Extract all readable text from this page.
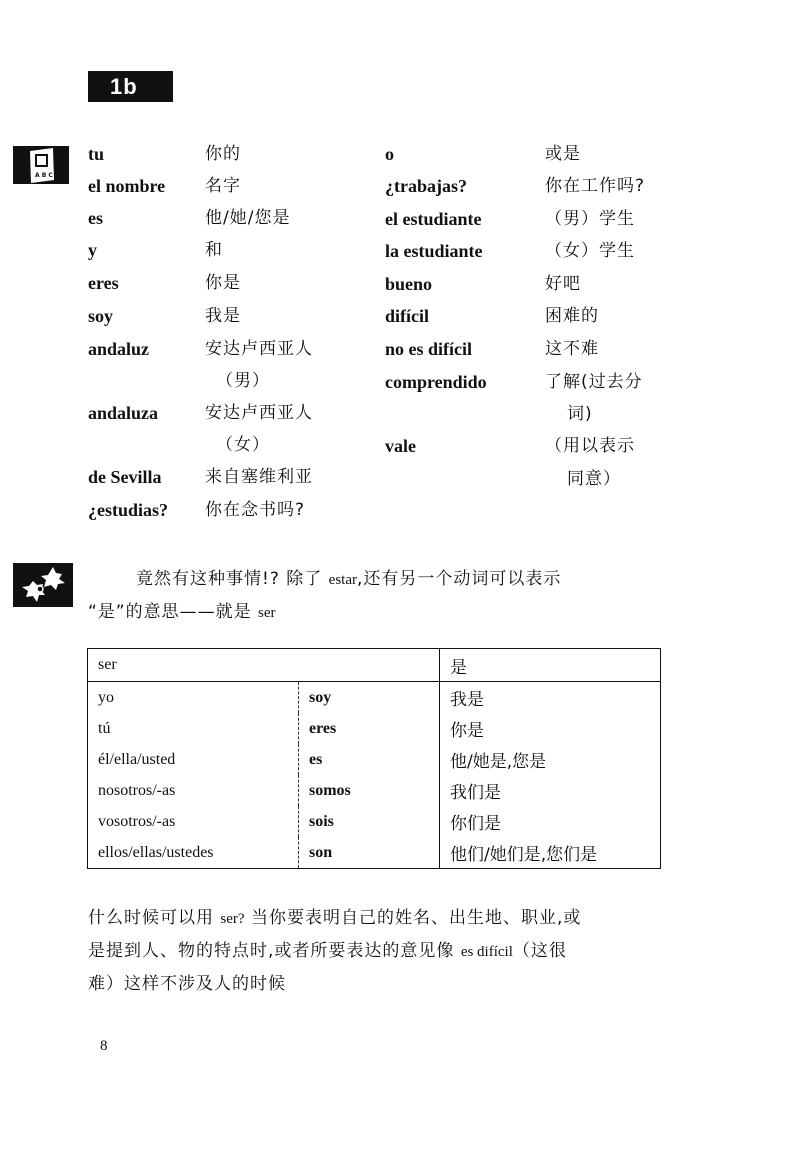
1b
A B C
tu	你的
el nombre 名字
es	他/她/您是
y	和
eres	你是
soy	我是
andaluz	安达卢西亚人
（男）
andaluza	安达卢西亚人
（女）
de Sevilla	来自塞维利亚
¿estudias? 你在念书吗?
o	或是
¿trabajas?	你在工作吗?
el estudiante	（男）学生
la estudiante	（女）学生
bueno	好吧
difícil	困难的
no es difícil	这不难
comprendido	了解(过去分
词)
vale	（用以表示
同意）
竟然有这种事情!? 除了 estar,还有另一个动词可以表示
“是”的意思——就是 ser
ser		是
yo	soy	我是
tú	eres	你是
él/ella/usted	es	他/她是,您是
nosotros/-as	somos	我们是
vosotros/-as	sois	你们是
ellos/ellas/ustedes	son	他们/她们是,您们是
什么时候可以用 ser? 当你要表明自己的姓名、出生地、职业,或
是提到人、物的特点时,或者所要表达的意见像 es difícil（这很
难）这样不涉及人的时候
8
